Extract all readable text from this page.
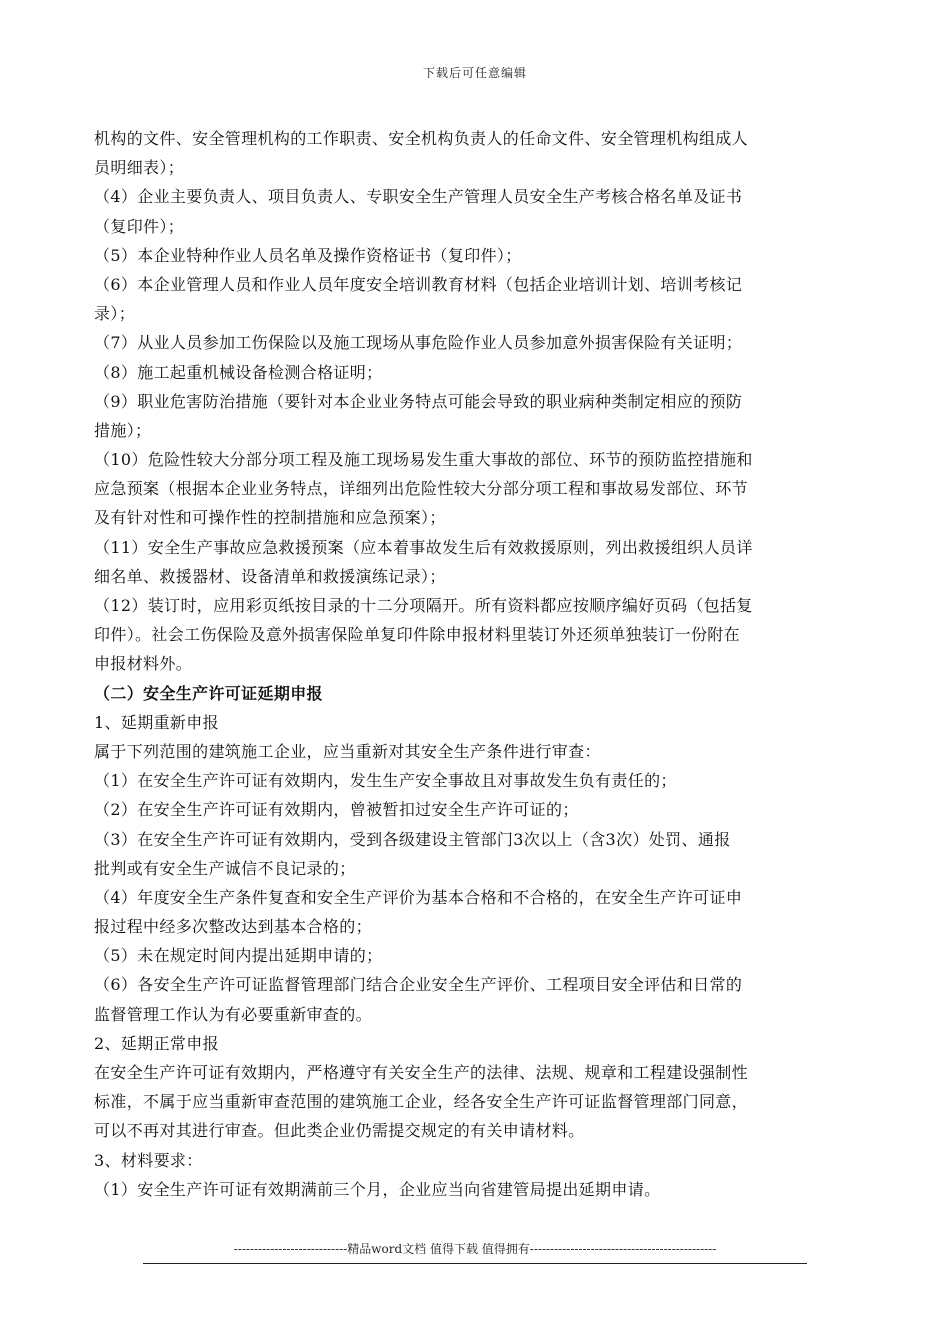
下载后可任意编辑
机构的文件、安全管理机构的工作职责、安全机构负责人的任命文件、安全管理机构组成人
员明细表）；
（4）企业主要负责人、项目负责人、专职安全生产管理人员安全生产考核合格名单及证书
（复印件）；
（5）本企业特种作业人员名单及操作资格证书（复印件）；
（6）本企业管理人员和作业人员年度安全培训教育材料（包括企业培训计划、培训考核记
录）；
（7）从业人员参加工伤保险以及施工现场从事危险作业人员参加意外损害保险有关证明；
（8）施工起重机械设备检测合格证明；
（9）职业危害防治措施（要针对本企业业务特点可能会导致的职业病种类制定相应的预防
措施）；
（10）危险性较大分部分项工程及施工现场易发生重大事故的部位、环节的预防监控措施和
应急预案（根据本企业业务特点，详细列出危险性较大分部分项工程和事故易发部位、环节
及有针对性和可操作性的控制措施和应急预案）；
（11）安全生产事故应急救援预案（应本着事故发生后有效救援原则，列出救援组织人员详
细名单、救援器材、设备清单和救援演练记录）；
（12）装订时，应用彩页纸按目录的十二分项隔开。所有资料都应按顺序编好页码（包括复
印件）。社会工伤保险及意外损害保险单复印件除申报材料里装订外还须单独装订一份附在
申报材料外。
（二）安全生产许可证延期申报
1、延期重新申报
属于下列范围的建筑施工企业，应当重新对其安全生产条件进行审查：
（1）在安全生产许可证有效期内，发生生产安全事故且对事故发生负有责任的；
（2）在安全生产许可证有效期内，曾被暂扣过安全生产许可证的；
（3）在安全生产许可证有效期内，受到各级建设主管部门3次以上（含3次）处罚、通报
批判或有安全生产诚信不良记录的；
（4）年度安全生产条件复查和安全生产评价为基本合格和不合格的，在安全生产许可证申
报过程中经多次整改达到基本合格的；
（5）未在规定时间内提出延期申请的；
（6）各安全生产许可证监督管理部门结合企业安全生产评价、工程项目安全评估和日常的
监督管理工作认为有必要重新审查的。
2、延期正常申报
在安全生产许可证有效期内，严格遵守有关安全生产的法律、法规、规章和工程建设强制性
标准，不属于应当重新审查范围的建筑施工企业，经各安全生产许可证监督管理部门同意，
可以不再对其进行审查。但此类企业仍需提交规定的有关申请材料。
3、材料要求：
（1）安全生产许可证有效期满前三个月，企业应当向省建管局提出延期申请。
----------------------------精品word文档 值得下载 值得拥有----------------------------------------------
